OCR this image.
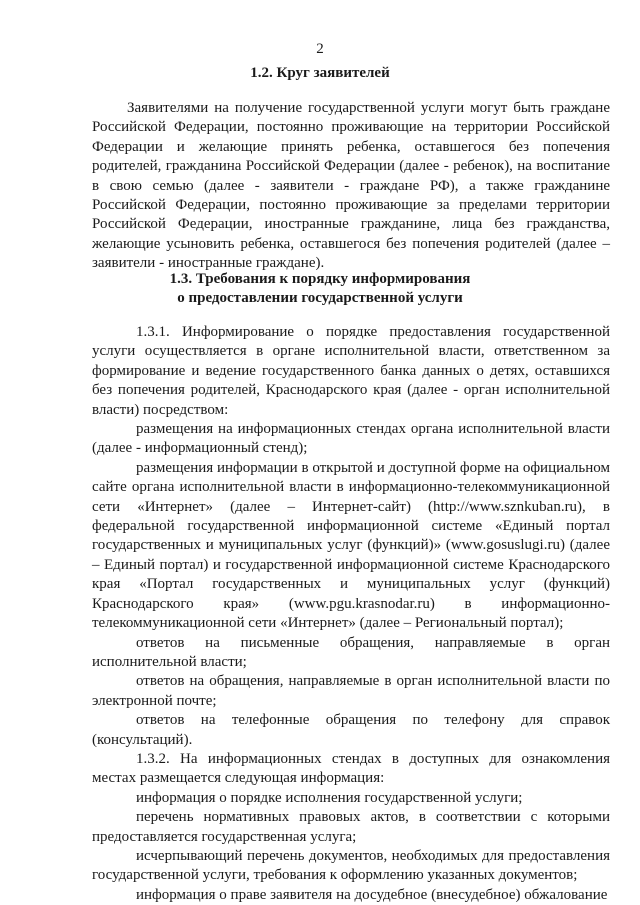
2
1.2. Круг заявителей

Заявителями на получение государственной услуги могут быть граждане Российской Федерации, постоянно проживающие на территории Российской Федерации и желающие принять ребенка, оставшегося без попечения родителей, гражданина Российской Федерации (далее - ребенок), на воспитание в свою семью (далее - заявители - граждане РФ), а также гражданине Российской Федерации, постоянно проживающие за пределами территории Российской Федерации, иностранные гражданине, лица без гражданства, желающие усыновить ребенка, оставшегося без попечения родителей (далее – заявители - иностранные граждане).

1.3. Требования к порядку информирования
о предоставлении государственной услуги

1.3.1. Информирование о порядке предоставления государственной услуги осуществляется в органе исполнительной власти, ответственном за формирование и ведение государственного банка данных о детях, оставшихся без попечения родителей, Краснодарского края (далее - орган исполнительной власти) посредством:

размещения на информационных стендах органа исполнительной власти (далее - информационный стенд);

размещения информации в открытой и доступной форме на официальном сайте органа исполнительной власти в информационно-телекоммуникационной сети «Интернет» (далее – Интернет-сайт) (http://www.sznkuban.ru), в федеральной государственной информационной системе «Единый портал государственных и муниципальных услуг (функций)» (www.gosuslugi.ru) (далее – Единый портал) и государственной информационной системе Краснодарского края «Портал государственных и муниципальных услуг (функций) Краснодарского края» (www.pgu.krasnodar.ru) в информационно-телекоммуникационной сети «Интернет» (далее – Региональный портал);

ответов на письменные обращения, направляемые в орган исполнительной власти;

ответов на обращения, направляемые в орган исполнительной власти по электронной почте;

ответов на телефонные обращения по телефону для справок (консультаций).

1.3.2. На информационных стендах в доступных для ознакомления местах размещается следующая информация:

информация о порядке исполнения государственной услуги;

перечень нормативных правовых актов, в соответствии с которыми предоставляется государственная услуга;

исчерпывающий перечень документов, необходимых для предоставления государственной услуги, требования к оформлению указанных документов;

информация о праве заявителя на досудебное (внесудебное) обжалование
